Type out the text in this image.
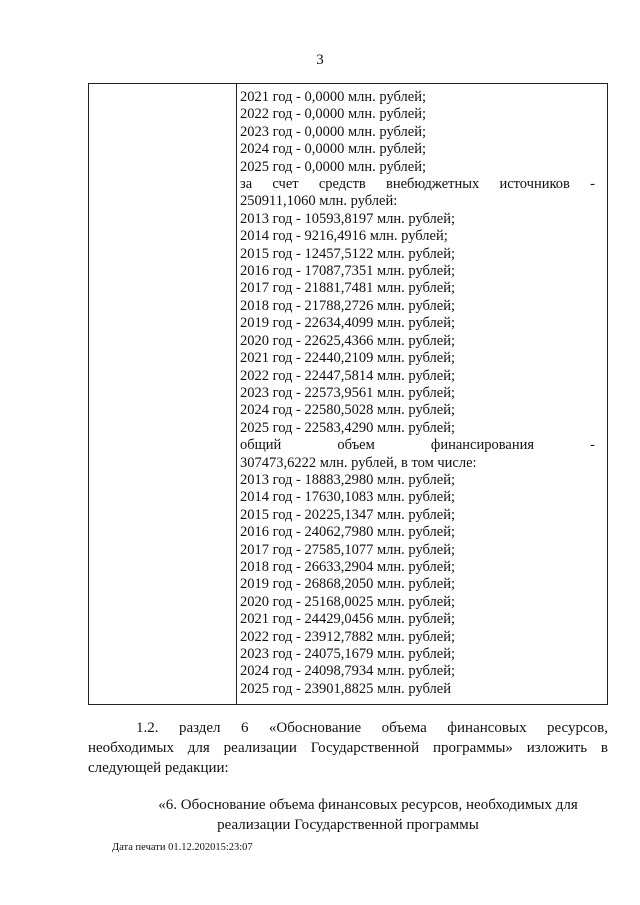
3
2021 год - 0,0000 млн. рублей;
2022 год - 0,0000 млн. рублей;
2023 год - 0,0000 млн. рублей;
2024 год - 0,0000 млн. рублей;
2025 год - 0,0000 млн. рублей;
за счет средств внебюджетных источников -
250911,1060 млн. рублей:
2013 год - 10593,8197 млн. рублей;
2014 год - 9216,4916 млн. рублей;
2015 год - 12457,5122 млн. рублей;
2016 год - 17087,7351 млн. рублей;
2017 год - 21881,7481 млн. рублей;
2018 год - 21788,2726 млн. рублей;
2019 год - 22634,4099 млн. рублей;
2020 год - 22625,4366 млн. рублей;
2021 год - 22440,2109 млн. рублей;
2022 год - 22447,5814 млн. рублей;
2023 год - 22573,9561 млн. рублей;
2024 год - 22580,5028 млн. рублей;
2025 год - 22583,4290 млн. рублей;
общий	объем	финансирования	-
307473,6222 млн. рублей, в том числе:
2013 год - 18883,2980 млн. рублей;
2014 год - 17630,1083 млн. рублей;
2015 год - 20225,1347 млн. рублей;
2016 год - 24062,7980 млн. рублей;
2017 год - 27585,1077 млн. рублей;
2018 год - 26633,2904 млн. рублей;
2019 год - 26868,2050 млн. рублей;
2020 год - 25168,0025 млн. рублей;
2021 год - 24429,0456 млн. рублей;
2022 год - 23912,7882 млн. рублей;
2023 год - 24075,1679 млн. рублей;
2024 год - 24098,7934 млн. рублей;
2025 год - 23901,8825 млн. рублей
1.2. раздел 6 «Обоснование объема финансовых ресурсов,
необходимых для реализации Государственной программы» изложить в
следующей редакции:
«6. Обоснование объема финансовых ресурсов, необходимых для
реализации Государственной программы
Дата печати 01.12.202015:23:07
